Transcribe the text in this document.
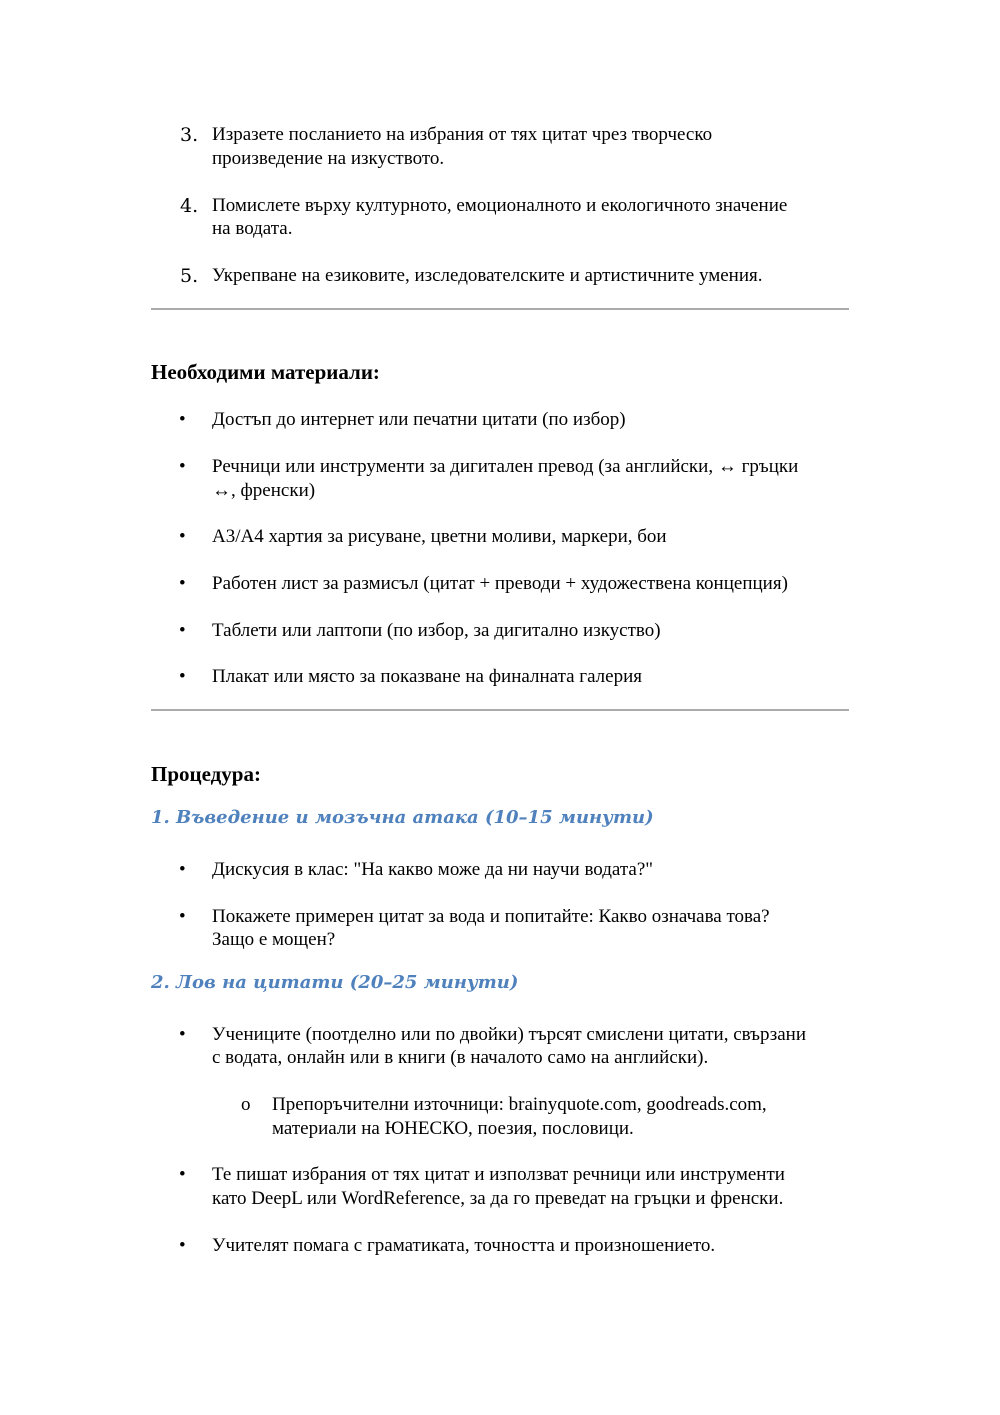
3. Изразете посланието на избрания от тях цитат чрез творческо
произведение на изкуството.
4. Помислете върху културното, емоционалното и екологичното значение
на водата.
5. Укрепване на езиковите, изследователските и артистичните умения.
Необходими материали:
• Достъп до интернет или печатни цитати (по избор)
• Речници или инструменти за дигитален превод (за английски, ↔ гръцки
↔, френски)
• A3/A4 хартия за рисуване, цветни моливи, маркери, бои
• Работен лист за размисъл (цитат + преводи + художествена концепция)
• Таблети или лаптопи (по избор, за дигитално изкуство)
• Плакат или място за показване на финалната галерия
Процедура:
1. Въведение и мозъчна атака (10–15 минути)
• Дискусия в клас: "На какво може да ни научи водата?"
• Покажете примерен цитат за вода и попитайте: Какво означава това?
Защо е мощен?
2. Лов на цитати (20–25 минути)
• Учениците (поотделно или по двойки) търсят смислени цитати, свързани
с водата, онлайн или в книги (в началото само на английски).
o Препоръчителни източници: brainyquote.com, goodreads.com,
материали на ЮНЕСКО, поезия, пословици.
• Те пишат избрания от тях цитат и използват речници или инструменти
като DeepL или WordReference, за да го преведат на гръцки и френски.
• Учителят помага с граматиката, точността и произношението.
